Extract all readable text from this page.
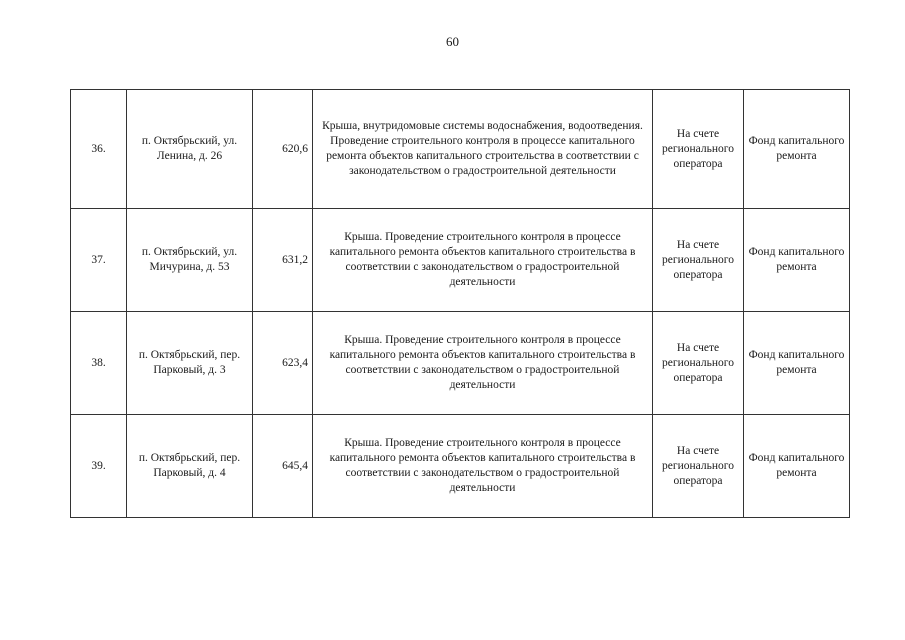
60
36.	п. Октябрьский, ул. Ленина, д. 26	620,6	Крыша, внутридомовые системы водоснабжения, водоотведения. Проведение строительного контроля в процессе капитального ремонта объектов капитального строительства в соответствии с законодательством о градостроительной деятельности	На счете регионального оператора	Фонд капитального ремонта
37.	п. Октябрьский, ул. Мичурина, д. 53	631,2	Крыша. Проведение строительного контроля в процессе капитального ремонта объектов капитального строительства в соответствии с законодательством о градостроительной деятельности	На счете регионального оператора	Фонд капитального ремонта
38.	п. Октябрьский, пер. Парковый, д. 3	623,4	Крыша. Проведение строительного контроля в процессе капитального ремонта объектов капитального строительства в соответствии с законодательством о градостроительной деятельности	На счете регионального оператора	Фонд капитального ремонта
39.	п. Октябрьский, пер. Парковый, д. 4	645,4	Крыша. Проведение строительного контроля в процессе капитального ремонта объектов капитального строительства в соответствии с законодательством о градостроительной деятельности	На счете регионального оператора	Фонд капитального ремонта
